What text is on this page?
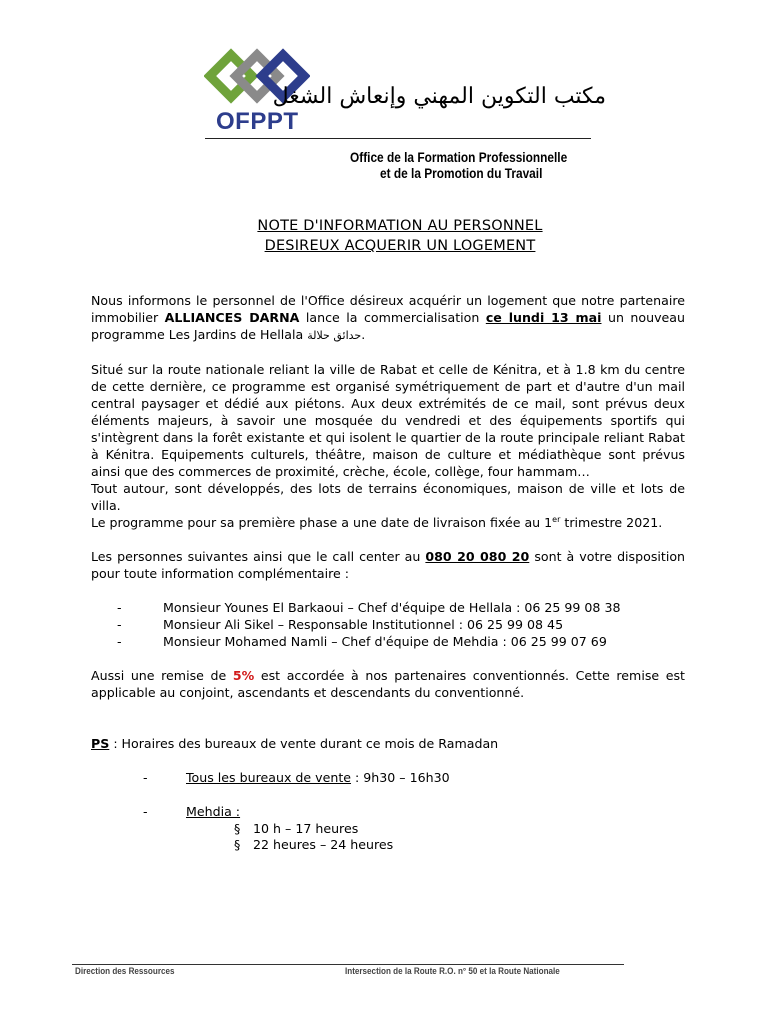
OFPPT
مكتب التكوين المهني وإنعاش الشغل
Office de la Formation Professionnelle
et de la Promotion du Travail
NOTE D'INFORMATION AU PERSONNEL
DESIREUX ACQUERIR UN LOGEMENT

Nous informons le personnel de l'Office désireux acquérir un logement que notre partenaire immobilier ALLIANCES DARNA lance la commercialisation ce lundi 13 mai un nouveau programme Les Jardins de Hellala حدائق حلالة.

Situé sur la route nationale reliant la ville de Rabat et celle de Kénitra, et à 1.8 km du centre de cette dernière, ce programme est organisé symétriquement de part et d'autre d'un mail central paysager et dédié aux piétons. Aux deux extrémités de ce mail, sont prévus deux éléments majeurs, à savoir une mosquée du vendredi et des équipements sportifs qui s'intègrent dans la forêt existante et qui isolent le quartier de la route principale reliant Rabat à Kénitra. Equipements culturels, théâtre, maison de culture et médiathèque sont prévus ainsi que des commerces de proximité, crèche, école, collège, four hammam…

Tout autour, sont développés, des lots de terrains économiques, maison de ville et lots de villa.

Le programme pour sa première phase a une date de livraison fixée au 1er trimestre 2021.

Les personnes suivantes ainsi que le call center au 080 20 080 20 sont à votre disposition pour toute information complémentaire :

-	Monsieur Younes El Barkaoui – Chef d'équipe de Hellala : 06 25 99 08 38
-	Monsieur Ali Sikel – Responsable Institutionnel : 06 25 99 08 45
-	Monsieur Mohamed Namli – Chef d'équipe de Mehdia : 06 25 99 07 69

Aussi une remise de 5% est accordée à nos partenaires conventionnés. Cette remise est applicable au conjoint, ascendants et descendants du conventionné.

PS : Horaires des bureaux de vente durant ce mois de Ramadan

-	Tous les bureaux de vente : 9h30 – 16h30
-	Mehdia :
§ 10 h – 17 heures
§ 22 heures – 24 heures
Direction des Ressources	Intersection de la Route R.O. n° 50 et la Route Nationale
